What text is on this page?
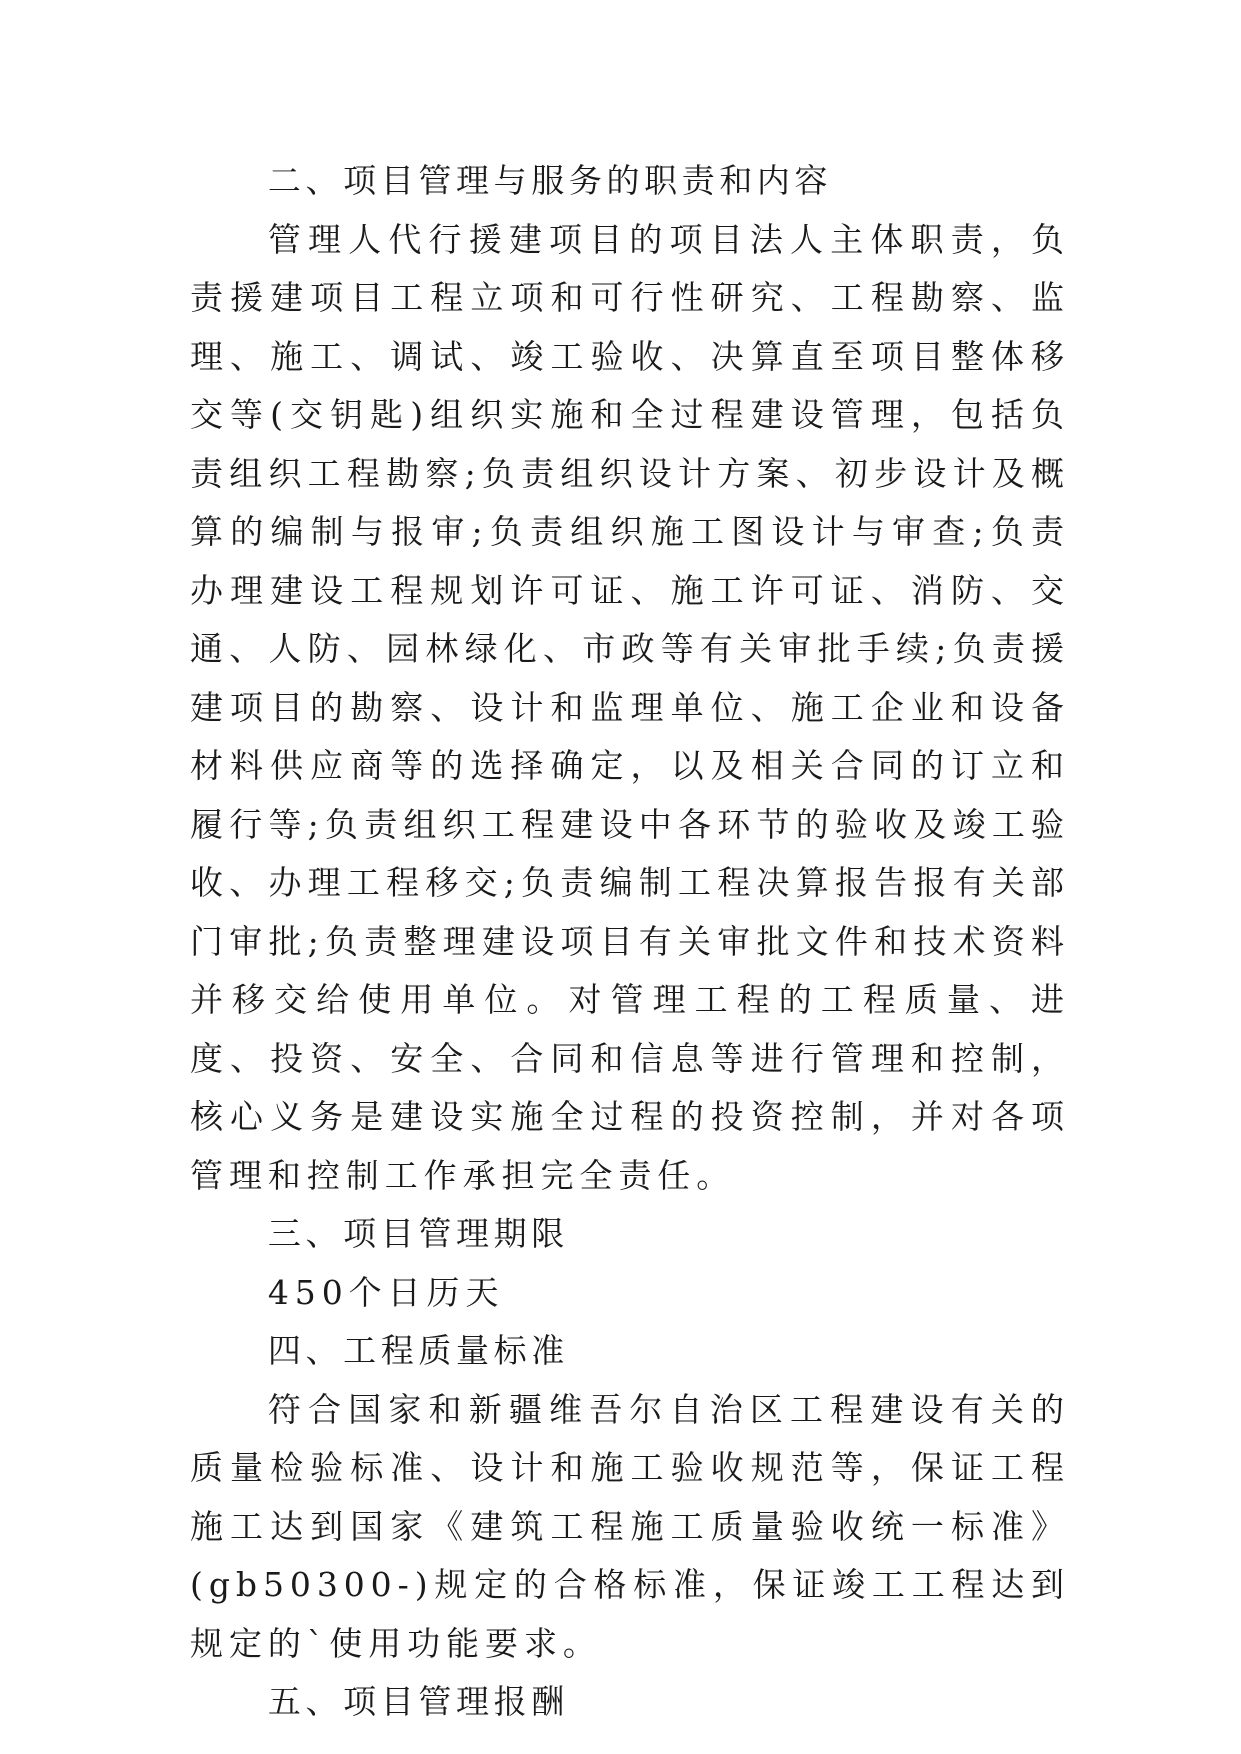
二、项目管理与服务的职责和内容

管理人代行援建项目的项目法人主体职责，负责援建项目工程立项和可行性研究、工程勘察、监理、施工、调试、竣工验收、决算直至项目整体移交等(交钥匙)组织实施和全过程建设管理，包括负责组织工程勘察;负责组织设计方案、初步设计及概算的编制与报审;负责组织施工图设计与审查;负责办理建设工程规划许可证、施工许可证、消防、交通、人防、园林绿化、市政等有关审批手续;负责援建项目的勘察、设计和监理单位、施工企业和设备材料供应商等的选择确定，以及相关合同的订立和履行等;负责组织工程建设中各环节的验收及竣工验收、办理工程移交;负责编制工程决算报告报有关部门审批;负责整理建设项目有关审批文件和技术资料并移交给使用单位。对管理工程的工程质量、进度、投资、安全、合同和信息等进行管理和控制，核心义务是建设实施全过程的投资控制，并对各项管理和控制工作承担完全责任。

三、项目管理期限

450个日历天

四、工程质量标准

符合国家和新疆维吾尔自治区工程建设有关的质量检验标准、设计和施工验收规范等，保证工程施工达到国家《建筑工程施工质量验收统一标准》(gb50300-)规定的合格标准，保证竣工工程达到规定的`使用功能要求。

五、项目管理报酬
